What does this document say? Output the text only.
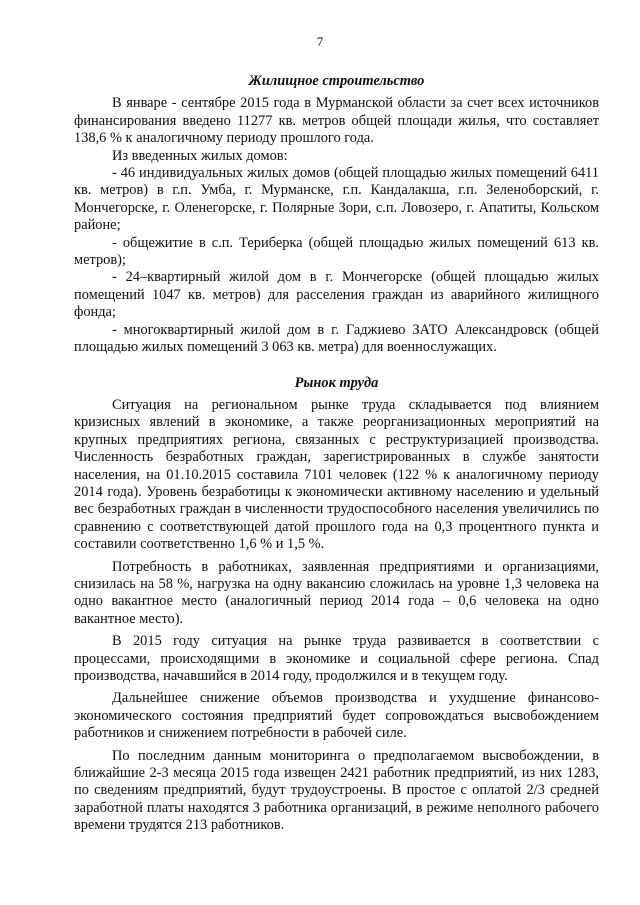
7

Жилищное строительство

В январе - сентябре 2015 года в Мурманской области за счет всех источников финансирования введено 11277 кв. метров общей площади жилья, что составляет 138,6 % к аналогичному периоду прошлого года.

Из введенных жилых домов:

- 46 индивидуальных жилых домов (общей площадью жилых помещений 6411 кв. метров) в г.п. Умба, г. Мурманске, г.п. Кандалакша, г.п. Зеленоборский, г. Мончегорске, г. Оленегорске, г. Полярные Зори, с.п. Ловозеро, г. Апатиты, Кольском районе;

- общежитие в с.п. Териберка (общей площадью жилых помещений 613 кв. метров);

- 24–квартирный жилой дом в г. Мончегорске (общей площадью жилых помещений 1047 кв. метров) для расселения граждан из аварийного жилищного фонда;

- многоквартирный жилой дом в г. Гаджиево ЗАТО Александровск (общей площадью жилых помещений 3 063 кв. метра) для военнослужащих.

Рынок труда

Ситуация на региональном рынке труда складывается под влиянием кризисных явлений в экономике, а также реорганизационных мероприятий на крупных предприятиях региона, связанных с реструктуризацией производства. Численность безработных граждан, зарегистрированных в службе занятости населения, на 01.10.2015 составила 7101 человек (122 % к аналогичному периоду 2014 года). Уровень безработицы к экономически активному населению и удельный вес безработных граждан в численности трудоспособного населения увеличились по сравнению с соответствующей датой прошлого года на 0,3 процентного пункта и составили соответственно 1,6 % и 1,5 %.

Потребность в работниках, заявленная предприятиями и организациями, снизилась на 58 %, нагрузка на одну вакансию сложилась на уровне 1,3 человека на одно вакантное место (аналогичный период 2014 года – 0,6 человека на одно вакантное место).

В 2015 году ситуация на рынке труда развивается в соответствии с процессами, происходящими в экономике и социальной сфере региона. Спад производства, начавшийся в 2014 году, продолжился и в текущем году.

Дальнейшее снижение объемов производства и ухудшение финансово-экономического состояния предприятий будет сопровождаться высвобождением работников и снижением потребности в рабочей силе.

По последним данным мониторинга о предполагаемом высвобождении, в ближайшие 2-3 месяца 2015 года извещен 2421 работник предприятий, из них 1283, по сведениям предприятий, будут трудоустроены. В простое с оплатой 2/3 средней заработной платы находятся 3 работника организаций, в режиме неполного рабочего времени трудятся 213 работников.
